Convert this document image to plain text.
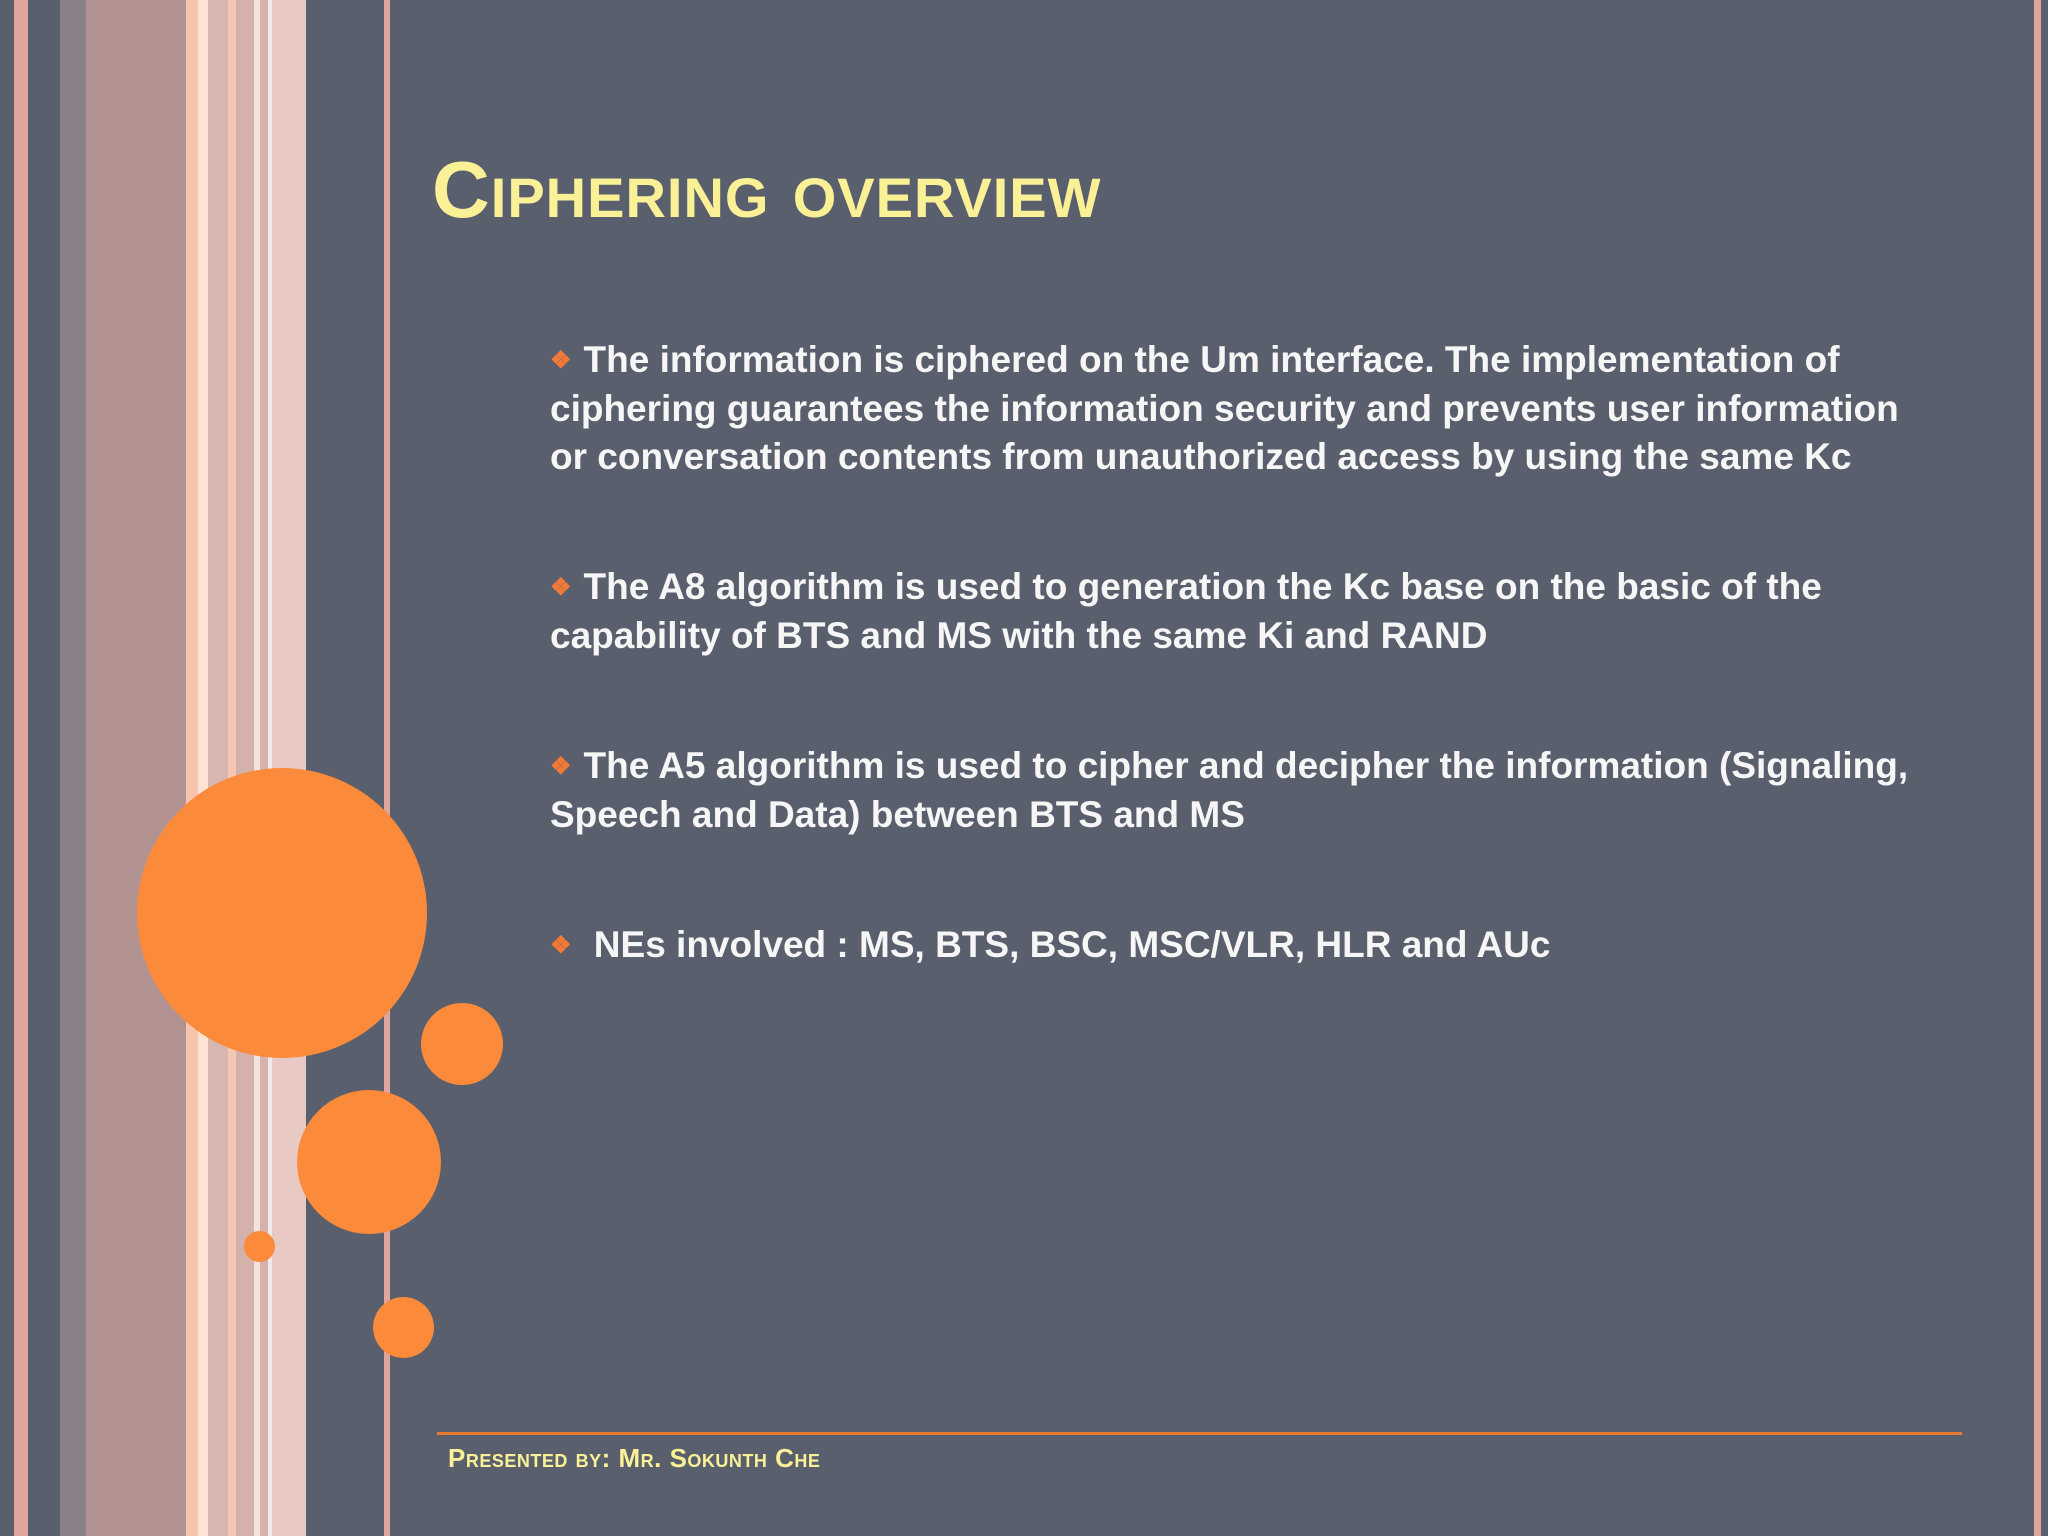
Ciphering overview
❖ The information is ciphered on the Um interface. The implementation of ciphering guarantees the information security and prevents user information or conversation contents from unauthorized access by using the same Kc
❖ The A8 algorithm is used to generation the Kc base on the basic of the capability of BTS and MS with the same Ki and RAND
❖ The A5 algorithm is used to cipher and decipher the information (Signaling, Speech and Data) between BTS and MS
❖ NEs involved : MS, BTS, BSC, MSC/VLR, HLR and AUc
Presented by: Mr. Sokunth Che
